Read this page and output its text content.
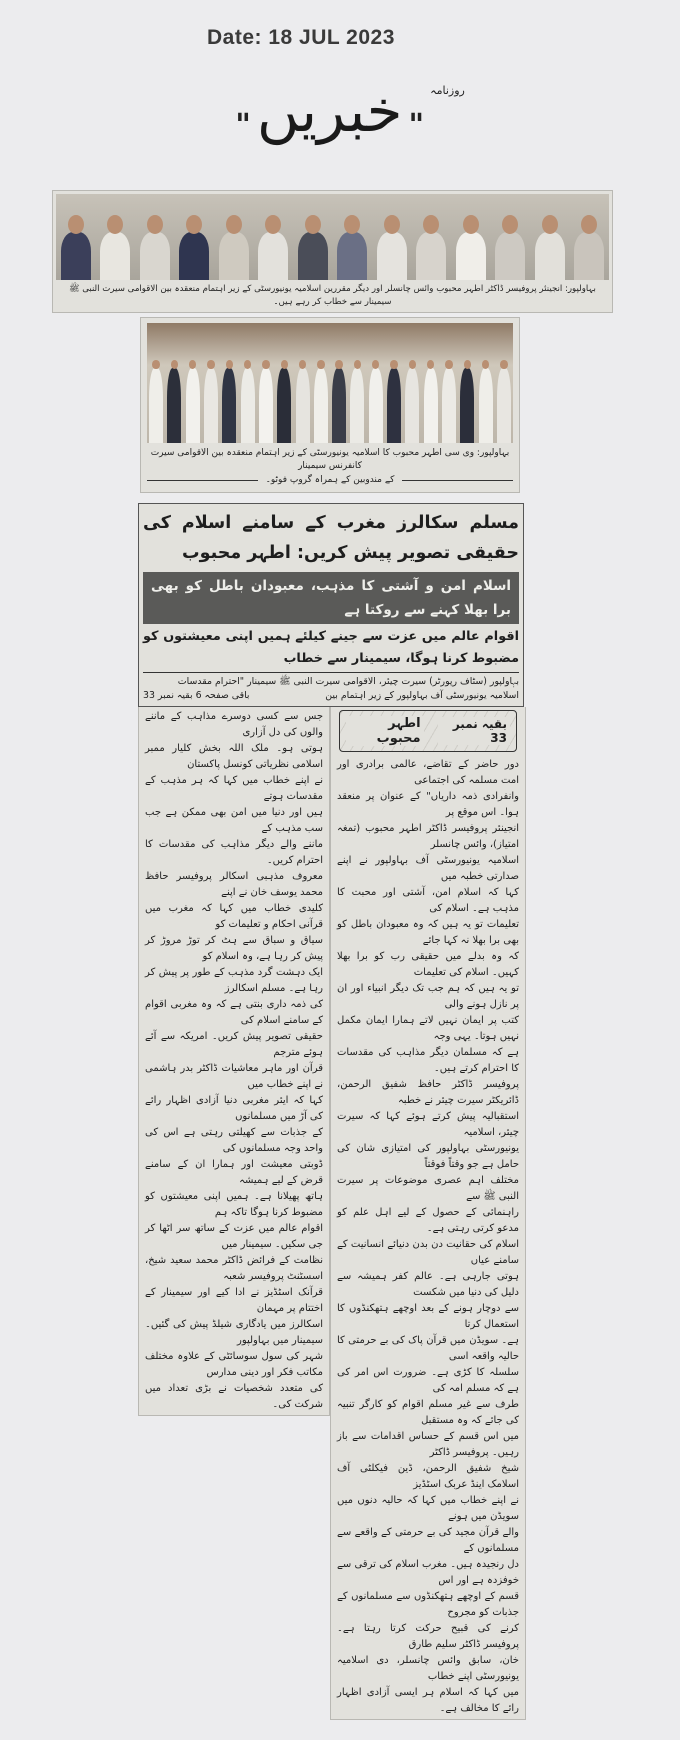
Date: 18 JUL 2023
" خبریں "
روزنامہ
بہاولپور: انجینئر پروفیسر ڈاکٹر اطہر محبوب وائس چانسلر اور دیگر مقررین اسلامیہ یونیورسٹی کے زیر اہتمام منعقدہ بین الاقوامی سیرت النبی ﷺ سیمینار سے خطاب کر رہے ہیں۔
بہاولپور: وی سی اطہر محبوب کا اسلامیہ یونیورسٹی کے زیر اہتمام منعقدہ بین الاقوامی سیرت کانفرنس سیمینار
کے مندوبین کے ہمراہ گروپ فوٹو۔
مسلم سکالرز مغرب کے سامنے اسلام کی حقیقی تصویر پیش کریں: اطہر محبوب
اسلام امن و آشتی کا مذہب، معبودان باطل کو بھی برا بھلا کہنے سے روکتا ہے
اقوام عالم میں عزت سے جینے کیلئے ہمیں اپنی معیشتوں کو مضبوط کرنا ہوگا، سیمینار سے خطاب
بہاولپور (سٹاف رپورٹر) سیرت چیئر، الاقوامی سیرت النبی ﷺ سیمینار "احترام مقدسات
اسلامیہ یونیورسٹی آف بہاولپور کے زیر اہتمام بین
باقی صفحہ 6 بقیہ نمبر 33
جس سے کسی دوسرے مذاہب کے ماننے والوں کی دل آزاری
ہوتی ہو۔ ملک اللہ بخش کلیار ممبر اسلامی نظریاتی کونسل پاکستان
نے اپنے خطاب میں کہا کہ ہر مذہب کے مقدسات ہوتے
ہیں اور دنیا میں امن بھی ممکن ہے جب سب مذہب کے
ماننے والے دیگر مذاہب کی مقدسات کا احترام کریں۔
معروف مذہبی اسکالر پروفیسر حافظ محمد یوسف خان نے اپنے
کلیدی خطاب میں کہا کہ مغرب میں قرآنی احکام و تعلیمات کو
سیاق و سباق سے ہٹ کر توڑ مروڑ کر پیش کر رہا ہے، وہ اسلام کو
ایک دہشت گرد مذہب کے طور پر پیش کر رہا ہے۔ مسلم اسکالرز
کی ذمہ داری بنتی ہے کہ وہ مغربی اقوام کے سامنے اسلام کی
حقیقی تصویر پیش کریں۔ امریکہ سے آئے ہوئے مترجم
قرآن اور ماہر معاشیات ڈاکٹر بدر ہاشمی نے اپنے خطاب میں
کہا کہ ایئر مغربی دنیا آزادی اظہار رائے کی آڑ میں مسلمانوں
کے جذبات سے کھیلتی رہتی ہے اس کی واحد وجہ مسلمانوں کی
ڈوبتی معیشت اور ہمارا ان کے سامنے قرض کے لیے ہمیشہ
ہاتھ پھیلانا ہے۔ ہمیں اپنی معیشتوں کو مضبوط کرنا ہوگا تاکہ ہم
اقوام عالم میں عزت کے ساتھ سر اٹھا کر جی سکیں۔ سیمینار میں
نظامت کے فرائض ڈاکٹر محمد سعید شیخ، اسسٹنٹ پروفیسر شعبہ
قرآنک اسٹڈیز نے ادا کیے اور سیمینار کے اختتام پر مہمان
اسکالرز میں یادگاری شیلڈ پیش کی گئیں۔ سیمینار میں بہاولپور
شہر کی سول سوسائٹی کے علاوہ مختلف مکاتب فکر اور دینی مدارس
کی متعدد شخصیات نے بڑی تعداد میں شرکت کی۔
بقیہ نمبر 33
اطہر محبوب
دور حاضر کے تقاضے، عالمی برادری اور امت مسلمہ کی اجتماعی
وانفرادی ذمہ داریاں" کے عنوان پر منعقد ہوا۔ اس موقع پر
انجینئر پروفیسر ڈاکٹر اطہر محبوب (تمغہ امتیاز)، وائس چانسلر
اسلامیہ یونیورسٹی آف بہاولپور نے اپنے صدارتی خطبہ میں
کہا کہ اسلام امن، آشتی اور محبت کا مذہب ہے۔ اسلام کی
تعلیمات تو یہ ہیں کہ وہ معبودان باطل کو بھی برا بھلا نہ کہا جائے
کہ وہ بدلے میں حقیقی رب کو برا بھلا کہیں۔ اسلام کی تعلیمات
تو یہ ہیں کہ ہم جب تک دیگر انبیاء اور ان پر نازل ہونے والی
کتب پر ایمان نہیں لاتے ہمارا ایمان مکمل نہیں ہوتا۔ یہی وجہ
ہے کہ مسلمان دیگر مذاہب کی مقدسات کا احترام کرتے ہیں۔
پروفیسر ڈاکٹر حافظ شفیق الرحمن، ڈائریکٹر سیرت چیئر نے خطبہ
استقبالیہ پیش کرتے ہوئے کہا کہ سیرت چیئر، اسلامیہ
یونیورسٹی بہاولپور کی امتیازی شان کی حامل ہے جو وقتاً فوقتاً
مختلف اہم عصری موضوعات پر سیرت النبی ﷺ سے
راہنمائی کے حصول کے لیے اہل علم کو مدعو کرتی رہتی ہے۔
اسلام کی حقانیت دن بدن دنیائے انسانیت کے سامنے عیاں
ہوتی جارہی ہے۔ عالم کفر ہمیشہ سے دلیل کی دنیا میں شکست
سے دوچار ہونے کے بعد اوچھے ہتھکنڈوں کا استعمال کرتا
ہے۔ سویڈن میں قرآن پاک کی بے حرمتی کا حالیہ واقعہ اسی
سلسلہ کا کڑی ہے۔ ضرورت اس امر کی ہے کہ مسلم امہ کی
طرف سے غیر مسلم اقوام کو کارگر تنبیہ کی جائے کہ وہ مستقبل
میں اس قسم کے حساس اقدامات سے باز رہیں۔ پروفیسر ڈاکٹر
شیخ شفیق الرحمن، ڈین فیکلٹی آف اسلامک اینڈ عربک اسٹڈیز
نے اپنے خطاب میں کہا کہ حالیہ دنوں میں سویڈن میں ہونے
والے قرآن مجید کی بے حرمتی کے واقعے سے مسلمانوں کے
دل رنجیدہ ہیں۔ مغرب اسلام کی ترقی سے خوفزدہ ہے اور اس
قسم کے اوچھے ہتھکنڈوں سے مسلمانوں کے جذبات کو مجروح
کرنے کی قبیح حرکت کرتا رہتا ہے۔ پروفیسر ڈاکٹر سلیم طارق
خان، سابق وائس چانسلر، دی اسلامیہ یونیورسٹی اپنے خطاب
میں کہا کہ اسلام ہر ایسی آزادی اظہار رائے کا مخالف ہے۔
